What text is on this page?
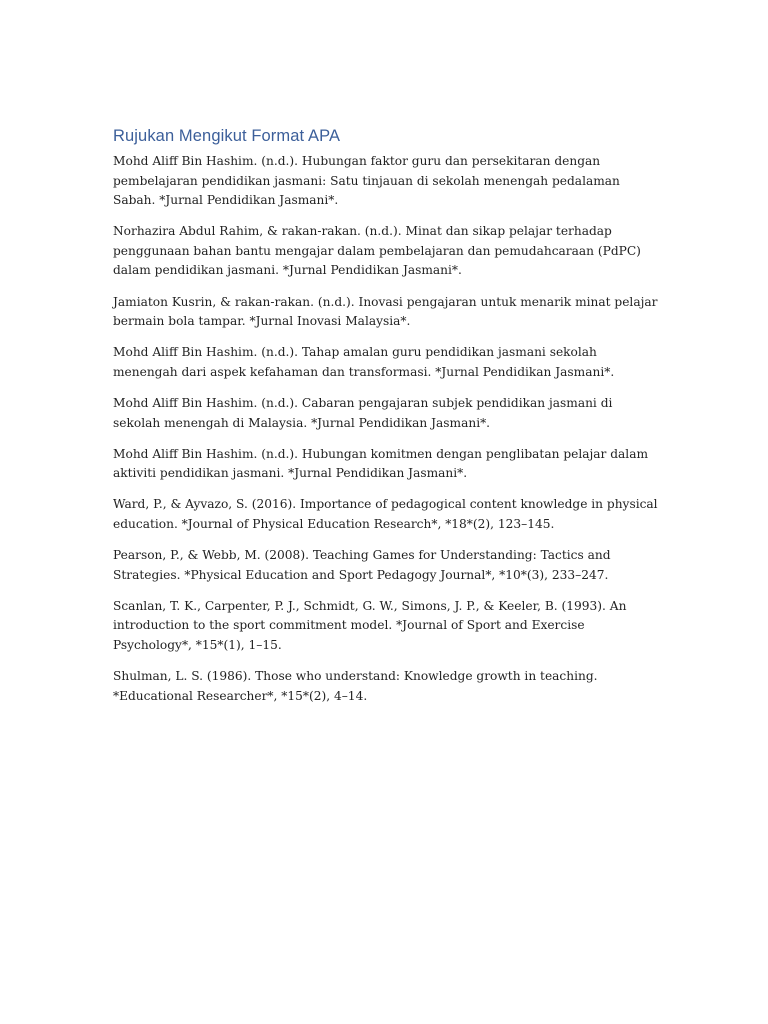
Rujukan Mengikut Format APA
Mohd Aliff Bin Hashim. (n.d.). Hubungan faktor guru dan persekitaran dengan pembelajaran pendidikan jasmani: Satu tinjauan di sekolah menengah pedalaman Sabah. *Jurnal Pendidikan Jasmani*.
Norhazira Abdul Rahim, & rakan-rakan. (n.d.). Minat dan sikap pelajar terhadap penggunaan bahan bantu mengajar dalam pembelajaran dan pemudahcaraan (PdPC) dalam pendidikan jasmani. *Jurnal Pendidikan Jasmani*.
Jamiaton Kusrin, & rakan-rakan. (n.d.). Inovasi pengajaran untuk menarik minat pelajar bermain bola tampar. *Jurnal Inovasi Malaysia*.
Mohd Aliff Bin Hashim. (n.d.). Tahap amalan guru pendidikan jasmani sekolah menengah dari aspek kefahaman dan transformasi. *Jurnal Pendidikan Jasmani*.
Mohd Aliff Bin Hashim. (n.d.). Cabaran pengajaran subjek pendidikan jasmani di sekolah menengah di Malaysia. *Jurnal Pendidikan Jasmani*.
Mohd Aliff Bin Hashim. (n.d.). Hubungan komitmen dengan penglibatan pelajar dalam aktiviti pendidikan jasmani. *Jurnal Pendidikan Jasmani*.
Ward, P., & Ayvazo, S. (2016). Importance of pedagogical content knowledge in physical education. *Journal of Physical Education Research*, *18*(2), 123–145.
Pearson, P., & Webb, M. (2008). Teaching Games for Understanding: Tactics and Strategies. *Physical Education and Sport Pedagogy Journal*, *10*(3), 233–247.
Scanlan, T. K., Carpenter, P. J., Schmidt, G. W., Simons, J. P., & Keeler, B. (1993). An introduction to the sport commitment model. *Journal of Sport and Exercise Psychology*, *15*(1), 1–15.
Shulman, L. S. (1986). Those who understand: Knowledge growth in teaching. *Educational Researcher*, *15*(2), 4–14.
